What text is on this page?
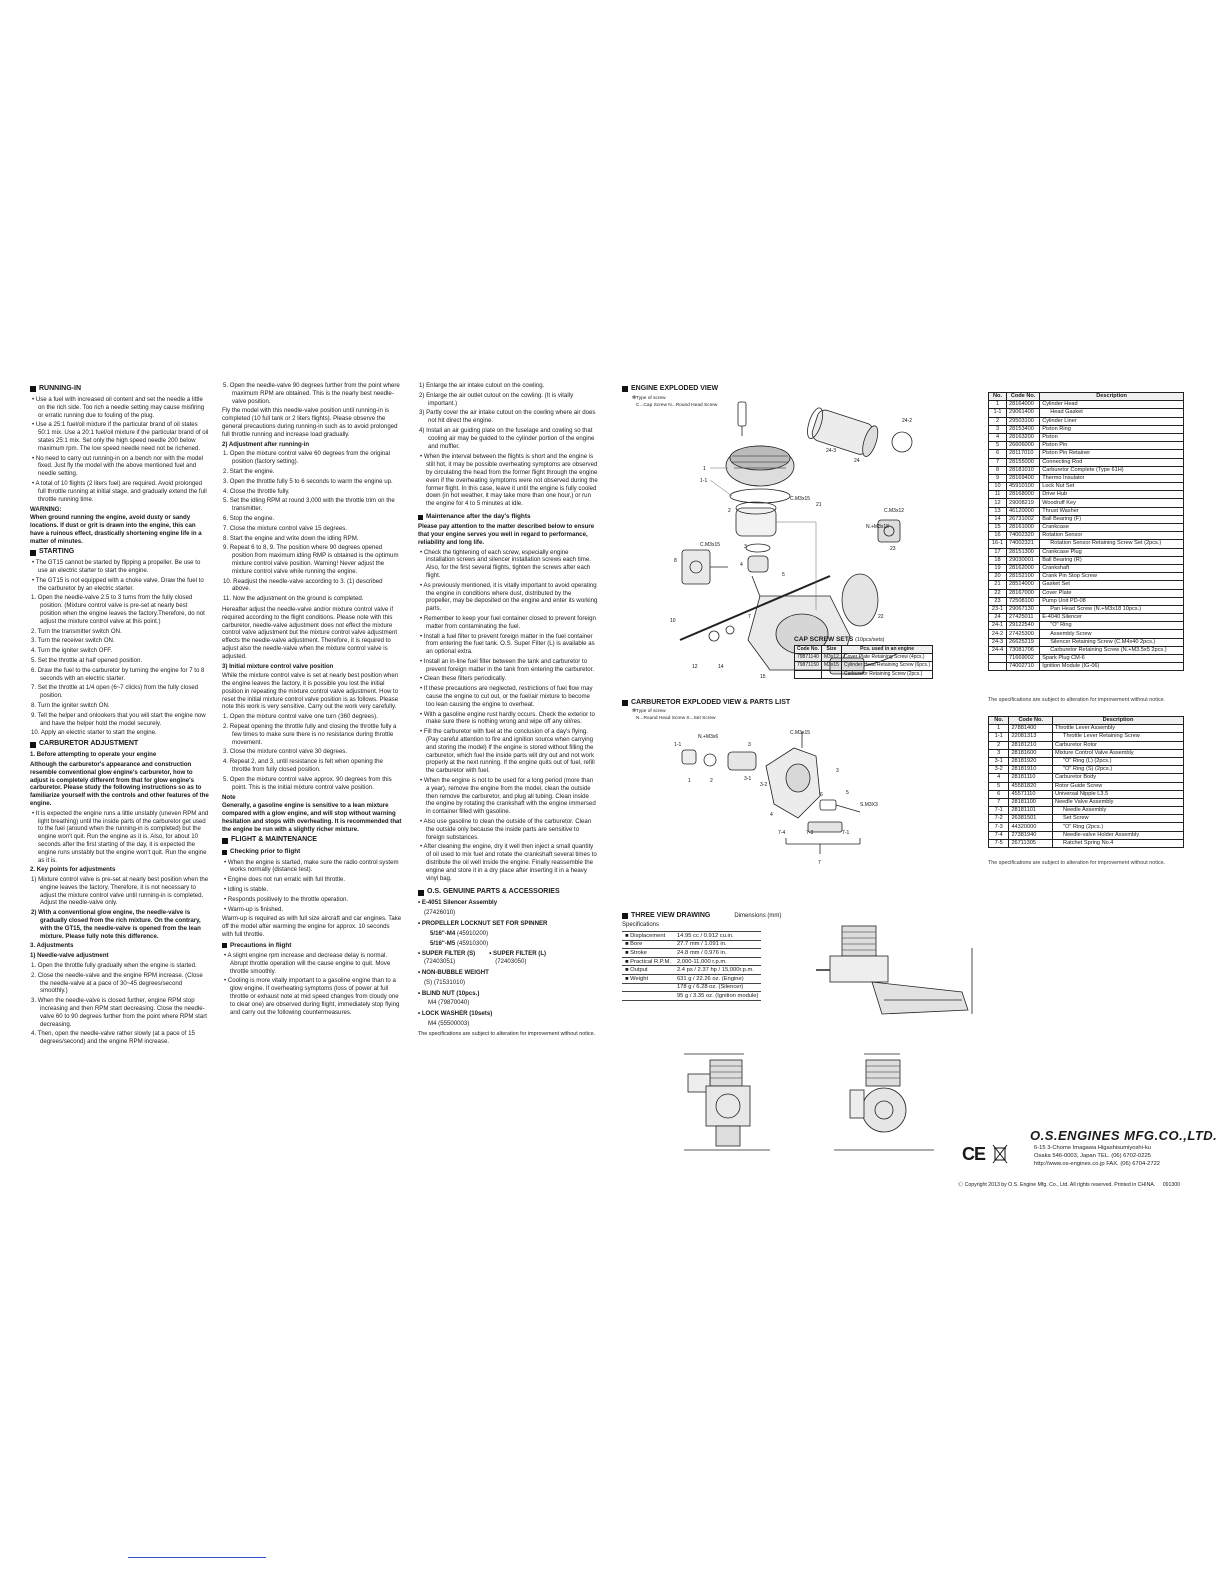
RUNNING-IN

• Use a fuel with increased oil content and set the needle a little on the rich side. Too rich a needle setting may cause misfiring or erratic running due to fouling of the plug.

• Use a 25:1 fuel/oil mixture if the particular brand of oil states 50:1 mix. Use a 20:1 fuel/oil mixture if the particular brand of oil states 25:1 mix. Set only the high speed needle 200 below maximum rpm. The low speed needle need not be richened.

• No need to carry out running-in on a bench nor with the model fixed. Just fly the model with the above mentioned fuel and needle setting.

• A total of 10 flights (2 liters fuel) are required. Avoid prolonged full throttle running at initial stage, and gradually extend the full throttle running time.

WARNING:

When ground running the engine, avoid dusty or sandy locations. If dust or grit is drawn into the engine, this can have a ruinous effect, drastically shortening engine life in a matter of minutes.

STARTING

• The GT15 cannot be started by flipping a propeller. Be use to use an electric starter to start the engine.

• The GT15 is not equipped with a choke valve. Draw the fuel to the carburetor by an electric starter.

1. Open the needle-valve 2.5 to 3 turns from the fully closed position. (Mixture control valve is pre-set at nearly best position when the engine leaves the factory.Therefore, do not adjust the mixture control valve at this point.)

2. Turn the transmitter switch ON.

3. Turn the receiver switch ON.

4. Turn the igniter switch OFF.

5. Set the throttle at half opened position.

6. Draw the fuel to the carburetor by turning the engine for 7 to 8 seconds with an electric starter.

7. Set the throttle at 1/4 open (6~7 clicks) from the fully closed position.

8. Turn the igniter switch ON.

9. Tell the helper and onlookers that you will start the engine now and have the helper hold the model securely.

10. Apply an electric starter to start the engine.

CARBURETOR ADJUSTMENT

1. Before attempting to operate your engine

Although the carburetor's appearance and construction resemble conventional glow engine's carburetor, how to adjust is completely different from that for glow engine's carburetor. Please study the following instructions so as to familiarize yourself with the controls and other features of the engine.

• It is expected the engine runs a little unstably (uneven RPM and light breathing) until the inside parts of the carburetor get used to the fuel (around when the running-in is completed) but the engine won't quit. Run the engine as it is. Also, for about 10 seconds after the first starting of the day, it is expected the engine runs unstably but the engine won't quit. Run the engine as it is.

2. Key points for adjustments

1) Mixture control valve is pre-set at nearly best position when the engine leaves the factory. Therefore, it is not necessary to adjust the mixture control valve until running-in is completed. Adjust the needle-valve only.

2) With a conventional glow engine, the needle-valve is gradually closed from the rich mixture. On the contrary, with the GT15, the needle-valve is opened from the lean mixture. Please fully note this difference.

3. Adjustments

1) Needle-valve adjustment

1. Open the throttle fully gradually when the engine is started.

2. Close the needle-valve and the engine RPM increase. (Close the needle-valve at a pace of 30~45 degrees/second smoothly.)

3. When the needle-valve is closed further, engine RPM stop increasing and then RPM start decreasing. Close the needle-valve 60 to 90 degrees further from the point where RPM start decreasing.

4. Then, open the needle-valve rather slowly (at a pace of 15 degrees/second) and the engine RPM increase.

5. Open the needle-valve 90 degrees further from the point where maximum RPM are obtained. This is the nearly best needle-valve position.

Fly the model with this needle-valve position until running-in is completed (10 full tank or 2 liters flights). Please observe the general precautions during running-in such as to avoid prolonged full throttle running and increase load gradually.

2) Adjustment after running-in

1. Open the mixture control valve 60 degrees from the original position (factory setting).

2. Start the engine.

3. Open the throttle fully 5 to 6 seconds to warm the engine up.

4. Close the throttle fully.

5. Set the idling RPM at round 3,000 with the throttle trim on the transmitter.

6. Stop the engine.

7. Close the mixture control valve 15 degrees.

8. Start the engine and write down the idling RPM.

9. Repeat 6 to 8, 9. The position where 90 degrees opened position from maximum idling RMP is obtained is the optimum mixture control valve position. Warning! Never adjust the mixture control valve while running the engine.

10. Readjust the needle-valve according to 3. (1) described above.

11. Now the adjustment on the ground is completed.

Hereafter adjust the needle-valve and/or mixture control valve if required according to the flight conditions. Please note with this carburetor, needle-valve adjustment does not effect the mixture control valve adjustment but the mixture control valve adjustment effects the needle-valve adjustment. Therefore, it is required to adjust also the needle-valve when the mixture control valve is adjusted.

3) Initial mixture control valve position

While the mixture control valve is set at nearly best position when the engine leaves the factory, it is possible you lost the initial position in repeating the mixture control valve adjustment. How to reset the initial mixture control valve position is as follows. Please note this work is very sensitive. Carry out the work very carefully.

1. Open the mixture control valve one turn (360 degrees).

2. Repeat opening the throttle fully and closing the throttle fully a few times to make sure there is no resistance during throttle movement.

3. Close the mixture control valve 30 degrees.

4. Repeat 2, and 3, until resistance is felt when opening the throttle from fully closed position.

5. Open the mixture control valve approx. 90 degrees from this point. This is the initial mixture control valve position.

Note

Generally, a gasoline engine is sensitive to a lean mixture compared with a glow engine, and will stop without warning hesitation and stops with overheating. It is recommended that the engine be run with a slightly richer mixture.

FLIGHT & MAINTENANCE
Checking prior to flight

• When the engine is started, make sure the radio control system works normally (distance test).

• Engine does not run erratic with full throttle.

• Idling is stable.

• Responds positively to the throttle operation.

• Warm-up is finished.

Warm-up is required as with full size aircraft and car engines. Take off the model after warming the engine for approx. 10 seconds with full throttle.

Precautions in flight

• A slight engine rpm increase and decrease delay is normal. Abrupt throttle operation will the cause engine to quit. Move throttle smoothly.

• Cooling is more vitally important to a gasoline engine than to a glow engine. If overheating symptoms (loss of power at full throttle or exhaust note at mid speed changes from cloudy one to clear one) are observed during flight, immediately stop flying and carry out the following countermeasures.

1) Enlarge the air intake cutout on the cowling.

2) Enlarge the air outlet cutout on the cowling. (It is vitally important.)

3) Partly cover the air intake cutout on the cowling where air does not hit direct the engine.

4) Install an air guiding plate on the fuselage and cowling so that cooling air may be guided to the cylinder portion of the engine and muffler.

• When the interval between the flights is short and the engine is still hot, it may be possible overheating symptoms are observed by circulating the head from the former flight through the engine even if the overheating symptoms were not observed during the former flight. In this case, leave it until the engine is fully cooled down (in hot weather, it may take more than one hour,) or run the engine for 4 to 5 minutes at idle.

Maintenance after the day's flights

Please pay attention to the matter described below to ensure that your engine serves you well in regard to performance, reliability and long life.

• Check the tightening of each screw, especially engine installation screws and silencer installation screws each time. Also, for the first several flights, tighten the screws after each flight.

• As previously mentioned, it is vitally important to avoid operating the engine in conditions where dust, distributed by the propeller, may be deposited on the engine and enter its working parts.

• Remember to keep your fuel container closed to prevent foreign matter from contaminating the fuel.

• Install a fuel filter to prevent foreign matter in the fuel container from entering the fuel tank. O.S. Super Filter (L) is available as an optional extra.

• Install an in-line fuel filter between the tank and carburetor to prevent foreign matter in the tank from entering the carburetor.

• Clean these filters periodically.

• If these precautions are neglected, restrictions of fuel flow may cause the engine to cut out, or the fuel/air mixture to become too lean causing the engine to overheat.

• With a gasoline engine rust hardly occurs. Check the exterior to make sure there is nothing wrong and wipe off any oil/res.

• Fill the carburetor with fuel at the conclusion of a day's flying. (Pay careful attention to fire and ignition source when carrying and storing the model) If the engine is stored without filling the carburetor, which fuel the inside parts will dry out and not work properly at the next running. If the engine quits out of fuel, refill the carburetor with fuel.

• When the engine is not to be used for a long period (more than a year), remove the engine from the model, clean the outside then remove the carburetor, and plug all tubing. Clean inside the engine by rotating the crankshaft with the engine immersed in container filled with gasoline.

• Also use gasoline to clean the outside of the carburetor. Clean the outside only because the inside parts are sensitive to foreign substances.

• After cleaning the engine, dry it well then inject a small quantity of oil used to mix fuel and rotate the crankshaft several times to distribute the oil well inside the engine. Finally reassemble the engine and store it in a dry place after inserting it in a heavy vinyl bag.

O.S. GENUINE PARTS & ACCESSORIES

• E-4051 Silencer Assembly

(27426010)

• PROPELLER LOCKNUT SET FOR SPINNER

5/16"-M4 (45910200)

5/16"-M5 (45910300)

• SUPER FILTER (S)

(72403051)

• SUPER FILTER (L)

(72403050)

• NON-BUBBLE WEIGHT

(S) (71531010)

• BLIND NUT (10pcs.)

M4 (79870040)

• LOCK WASHER (10sets)

M4 (55500003)

The specifications are subject to alteration for improvement without notice.

ENGINE EXPLODED VIEW
✻Type of screw
C...Cap Screw N...Round Head Screw
1
1-1
2
3
4
5
7
8
10
12	14
15
21
22
23
24
24-2
24-3
C.M3x15
C.M3x12
C.M3x15
N.+M3x18
CAP SCREW SETS (10pcs/sets)
Code No.	Size	Pcs. used in an engine
79871140	M3x12	Cover Plate Retaining Screw (4pcs.)
79871150	M3x15	Cylinder Head Retaining Screw (6pcs.)
		Carburetor Retaining Screw (2pcs.)
CARBURETOR EXPLODED VIEW & PARTS LIST
✻Type of screw
N...Round Head Screw S...Set Screw
1-1
1	2
N.+M3x6
C.M3x15
3
3-1
3-2
4
3
5
S.M3X3
6
7-4	7-3	7-1
7
THREE VIEW DRAWING	Dimensions (mm)
Specifications
■ Displacement	14.95 cc / 0.912 cu.in.
■ Bore	27.7 mm / 1.091 in.
■ Stroke	24.8 mm / 0.976 in.
■ Practical R.P.M.	2,000-11,000 r.p.m.
■ Output	2.4 ps / 2.37 hp / 15,000r.p.m.
■ Weight	631 g / 22.26 oz. (Engine)
	178 g / 6.28 oz. (Silencer)
	95 g / 3.35 oz. (Ignition module)
No.	Code No.	Description
1	28164000	Cylinder Head
1-1	29061400	Head Gasket
2	29503100	Cylinder Liner
3	28153400	Piston Ring
4	28163200	Piston
5	26606000	Piston Pin
6	28117010	Piston Pin Retainer
7	28155000	Connecting Rod
8	28181010	Carburetor Complete (Type 61H)
9	28169400	Thermo Insulator
10	45910100	Lock Nut Set
11	28168000	Drive Hub
12	29008219	Woodruff Key
13	46120000	Thrust Washer
14	26731002	Ball Bearing (F)
15	28161000	Crankcase
16	74002320	Rotation Sensor
16-1	74002321	Rotation Sensor Retaining Screw Set (2pcs.)
17	28151300	Crankcase Plug
18	29030001	Ball Bearing (R)
19	28162000	Crankshaft
20	28152100	Crank Pin Stop Screw
21	28514000	Gasket Set
22	28167000	Cover Plate
23	72508100	Pump Unit PD-08
23-1	29067130	Pan Head Screw (N.+M3x18 10pcs.)
24	27425011	E-4040 Silencer
24-1	29122540	"O" Ring
24-2	27425300	Assembly Screw
24-3	26625219	Silencer Retaining Screw (C.M4x40 2pcs.)
24-4	73081706	Carburetor Retaining Screw (N.+M3.5x5 2pcs.)
	71669002	Spark Plug CM-6
	74002710	Ignition Module (IG-06)
The specifications are subject to alteration for improvement without notice.
No.	Code No.	Description
1	27881400	Throttle Lever Assembly
1-1	22081313	Throttle Lever Retaining Screw
2	28181210	Carburetor Rotor
3	28181600	Mixture Control Valve Assembly
3-1	28181920	"O" Ring (L) (2pcs.)
3-2	28181910	"O" Ring (S) (2pcs.)
4	28181110	Carburetor Body
5	45581820	Rotor Guide Screw
6	45571110	Universal Nipple L3.5
7	28181100	Needle Valve Assembly
7-1	28181101	Needle Assembly
7-2	26381501	Set Screw
7-3	44320000	"O" Ring (2pcs.)
7-4	27381940	Needle-valve Holder Assembly
7-5	26711305	Ratchet Spring No.4
The specifications are subject to alteration for improvement without notice.
O.S.ENGINES MFG.CO.,LTD.
CE	6-15 3-Chome Imagawa Higashisumiyoshi-ku
Osaka 546-0003, Japan TEL. (06) 6702-0225
http://www.os-engines.co.jp FAX. (06) 6704-2722
Ⓒ Copyright 2013 by O.S. Engine Mfg. Co., Ltd. All rights reserved. Printed in CHINA. 091300
